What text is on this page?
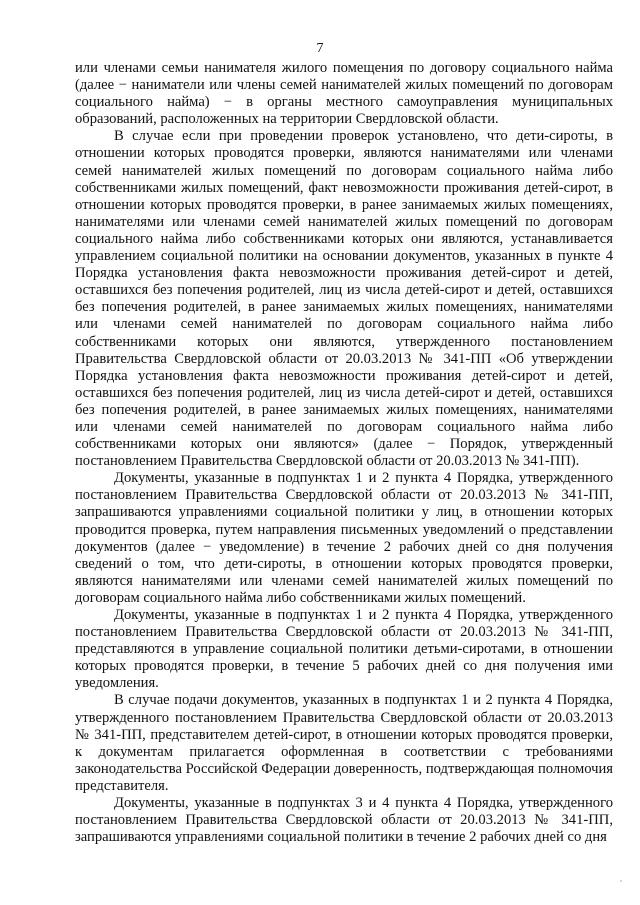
7

или членами семьи нанимателя жилого помещения по договору социального найма (далее − наниматели или члены семей нанимателей жилых помещений по договорам социального найма) − в органы местного самоуправления муниципальных образований, расположенных на территории Свердловской области.

В случае если при проведении проверок установлено, что дети-сироты, в отношении которых проводятся проверки, являются нанимателями или членами семей нанимателей жилых помещений по договорам социального найма либо собственниками жилых помещений, факт невозможности проживания детей-сирот, в отношении которых проводятся проверки, в ранее занимаемых жилых помещениях, нанимателями или членами семей нанимателей жилых помещений по договорам социального найма либо собственниками которых они являются, устанавливается управлением социальной политики на основании документов, указанных в пункте 4 Порядка установления факта невозможности проживания детей-сирот и детей, оставшихся без попечения родителей, лиц из числа детей-сирот и детей, оставшихся без попечения родителей, в ранее занимаемых жилых помещениях, нанимателями или членами семей нанимателей по договорам социального найма либо собственниками которых они являются, утвержденного постановлением Правительства Свердловской области от 20.03.2013 № 341-ПП «Об утверждении Порядка установления факта невозможности проживания детей-сирот и детей, оставшихся без попечения родителей, лиц из числа детей-сирот и детей, оставшихся без попечения родителей, в ранее занимаемых жилых помещениях, нанимателями или членами семей нанимателей по договорам социального найма либо собственниками которых они являются» (далее − Порядок, утвержденный постановлением Правительства Свердловской области от 20.03.2013 № 341-ПП).

Документы, указанные в подпунктах 1 и 2 пункта 4 Порядка, утвержденного постановлением Правительства Свердловской области от 20.03.2013 № 341-ПП, запрашиваются управлениями социальной политики у лиц, в отношении которых проводится проверка, путем направления письменных уведомлений о представлении документов (далее − уведомление) в течение 2 рабочих дней со дня получения сведений о том, что дети-сироты, в отношении которых проводятся проверки, являются нанимателями или членами семей нанимателей жилых помещений по договорам социального найма либо собственниками жилых помещений.

Документы, указанные в подпунктах 1 и 2 пункта 4 Порядка, утвержденного постановлением Правительства Свердловской области от 20.03.2013 № 341-ПП, представляются в управление социальной политики детьми-сиротами, в отношении которых проводятся проверки, в течение 5 рабочих дней со дня получения ими уведомления.

В случае подачи документов, указанных в подпунктах 1 и 2 пункта 4 Порядка, утвержденного постановлением Правительства Свердловской области от 20.03.2013 № 341-ПП, представителем детей-сирот, в отношении которых проводятся проверки, к документам прилагается оформленная в соответствии с требованиями законодательства Российской Федерации доверенность, подтверждающая полномочия представителя.

Документы, указанные в подпунктах 3 и 4 пункта 4 Порядка, утвержденного постановлением Правительства Свердловской области от 20.03.2013 № 341-ПП, запрашиваются управлениями социальной политики в течение 2 рабочих дней со дня
